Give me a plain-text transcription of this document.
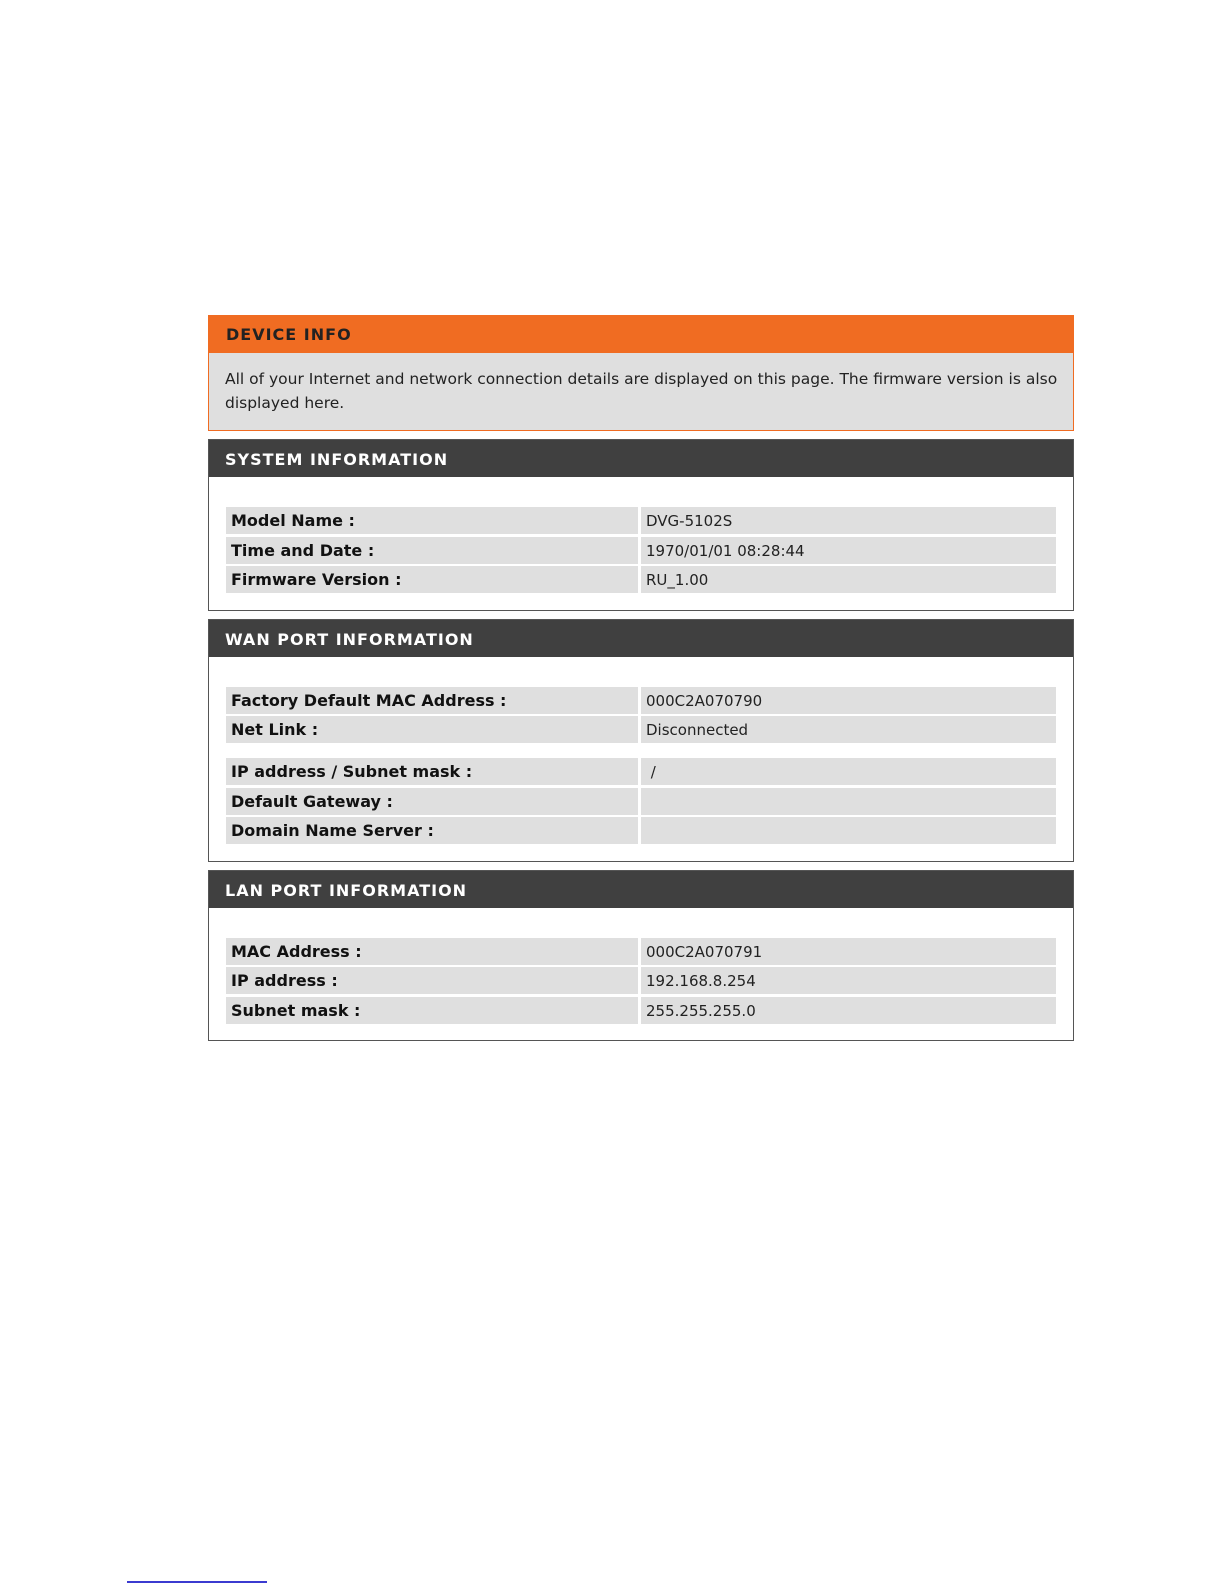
DEVICE INFO
All of your Internet and network connection details are displayed on this page. The firmware version is also displayed here.
SYSTEM INFORMATION
Model Name :	DVG-5102S
Time and Date :	1970/01/01 08:28:44
Firmware Version :	RU_1.00
WAN PORT INFORMATION
Factory Default MAC Address :	000C2A070790
Net Link :	Disconnected
IP address / Subnet mask :	/
Default Gateway :
Domain Name Server :
LAN PORT INFORMATION
MAC Address :	000C2A070791
IP address :	192.168.8.254
Subnet mask :	255.255.255.0
